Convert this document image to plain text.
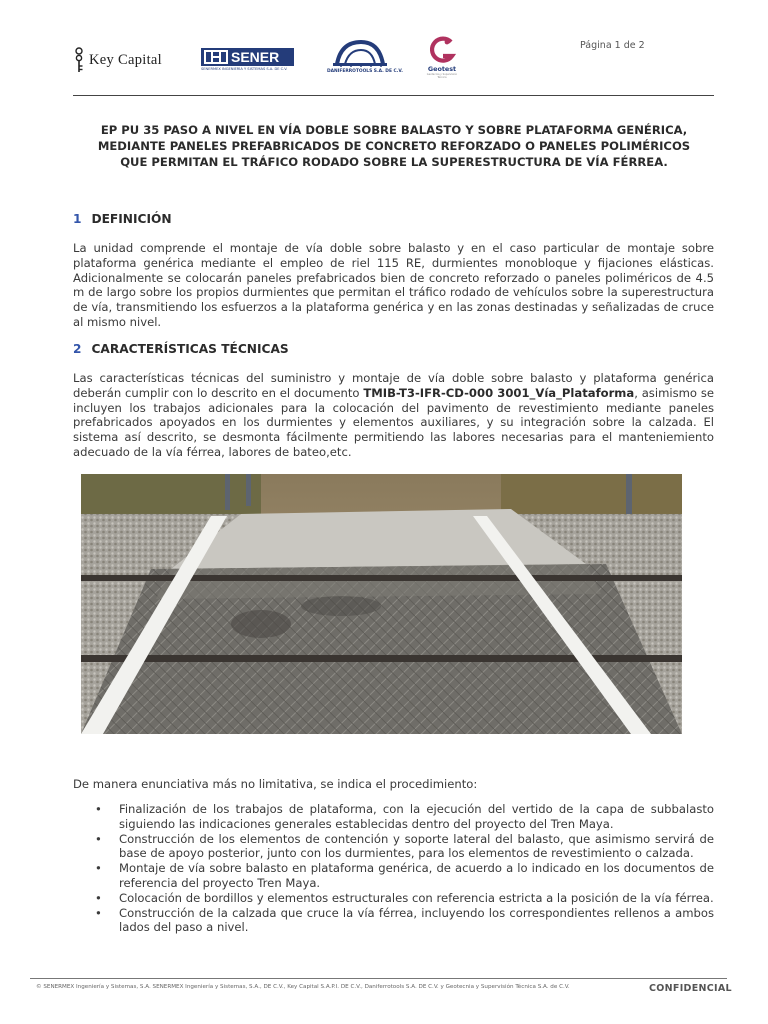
Key Capital	SENER
SENERMEX INGENIERÍA Y SISTEMAS S.A. DE C.V.	DANIFERROTOOLS S.A. DE C.V.	Geotest
Geotecnia y Supervisión Técnica
Página 1 de 2
EP PU 35 PASO A NIVEL EN VÍA DOBLE SOBRE BALASTO Y SOBRE PLATAFORMA GENÉRICA,
MEDIANTE PANELES PREFABRICADOS DE CONCRETO REFORZADO O PANELES POLIMÉRICOS
QUE PERMITAN EL TRÁFICO RODADO SOBRE LA SUPERESTRUCTURA DE VÍA FÉRREA.
1 DEFINICIÓN
La unidad comprende el montaje de vía doble sobre balasto y en el caso particular de montaje sobre plataforma genérica mediante el empleo de riel 115 RE, durmientes monobloque y fijaciones elásticas. Adicionalmente se colocarán paneles prefabricados bien de concreto reforzado o paneles poliméricos de 4.5 m de largo sobre los propios durmientes que permitan el tráfico rodado de vehículos sobre la superestructura de vía, transmitiendo los esfuerzos a la plataforma genérica y en las zonas destinadas y señalizadas de cruce al mismo nivel.
2 CARACTERÍSTICAS TÉCNICAS
Las características técnicas del suministro y montaje de vía doble sobre balasto y plataforma genérica deberán cumplir con lo descrito en el documento TMIB-T3-IFR-CD-000 3001_Vía_Plataforma, asimismo se incluyen los trabajos adicionales para la colocación del pavimento de revestimiento mediante paneles prefabricados apoyados en los durmientes y elementos auxiliares, y su integración sobre la calzada. El sistema así descrito, se desmonta fácilmente permitiendo las labores necesarias para el manteniemiento adecuado de la vía férrea, labores de bateo,etc.
De manera enunciativa más no limitativa, se indica el procedimiento:
• Finalización de los trabajos de plataforma, con la ejecución del vertido de la capa de subbalasto siguiendo las indicaciones generales establecidas dentro del proyecto del Tren Maya.
• Construcción de los elementos de contención y soporte lateral del balasto, que asimismo servirá de base de apoyo posterior, junto con los durmientes, para los elementos de revestimiento o calzada.
• Montaje de vía sobre balasto en plataforma genérica, de acuerdo a lo indicado en los documentos de referencia del proyecto Tren Maya.
• Colocación de bordillos y elementos estructurales con referencia estricta a la posición de la vía férrea.
• Construcción de la calzada que cruce la vía férrea, incluyendo los correspondientes rellenos a ambos lados del paso a nivel.
© SENERMEX Ingeniería y Sistemas, S.A. SENERMEX Ingeniería y Sistemas, S.A., DE C.V., Key Capital S.A.P.I. DE C.V., Daniferrotools S.A. DE C.V. y Geotecnia y Supervisión Técnica S.A. de C.V.	CONFIDENCIAL
